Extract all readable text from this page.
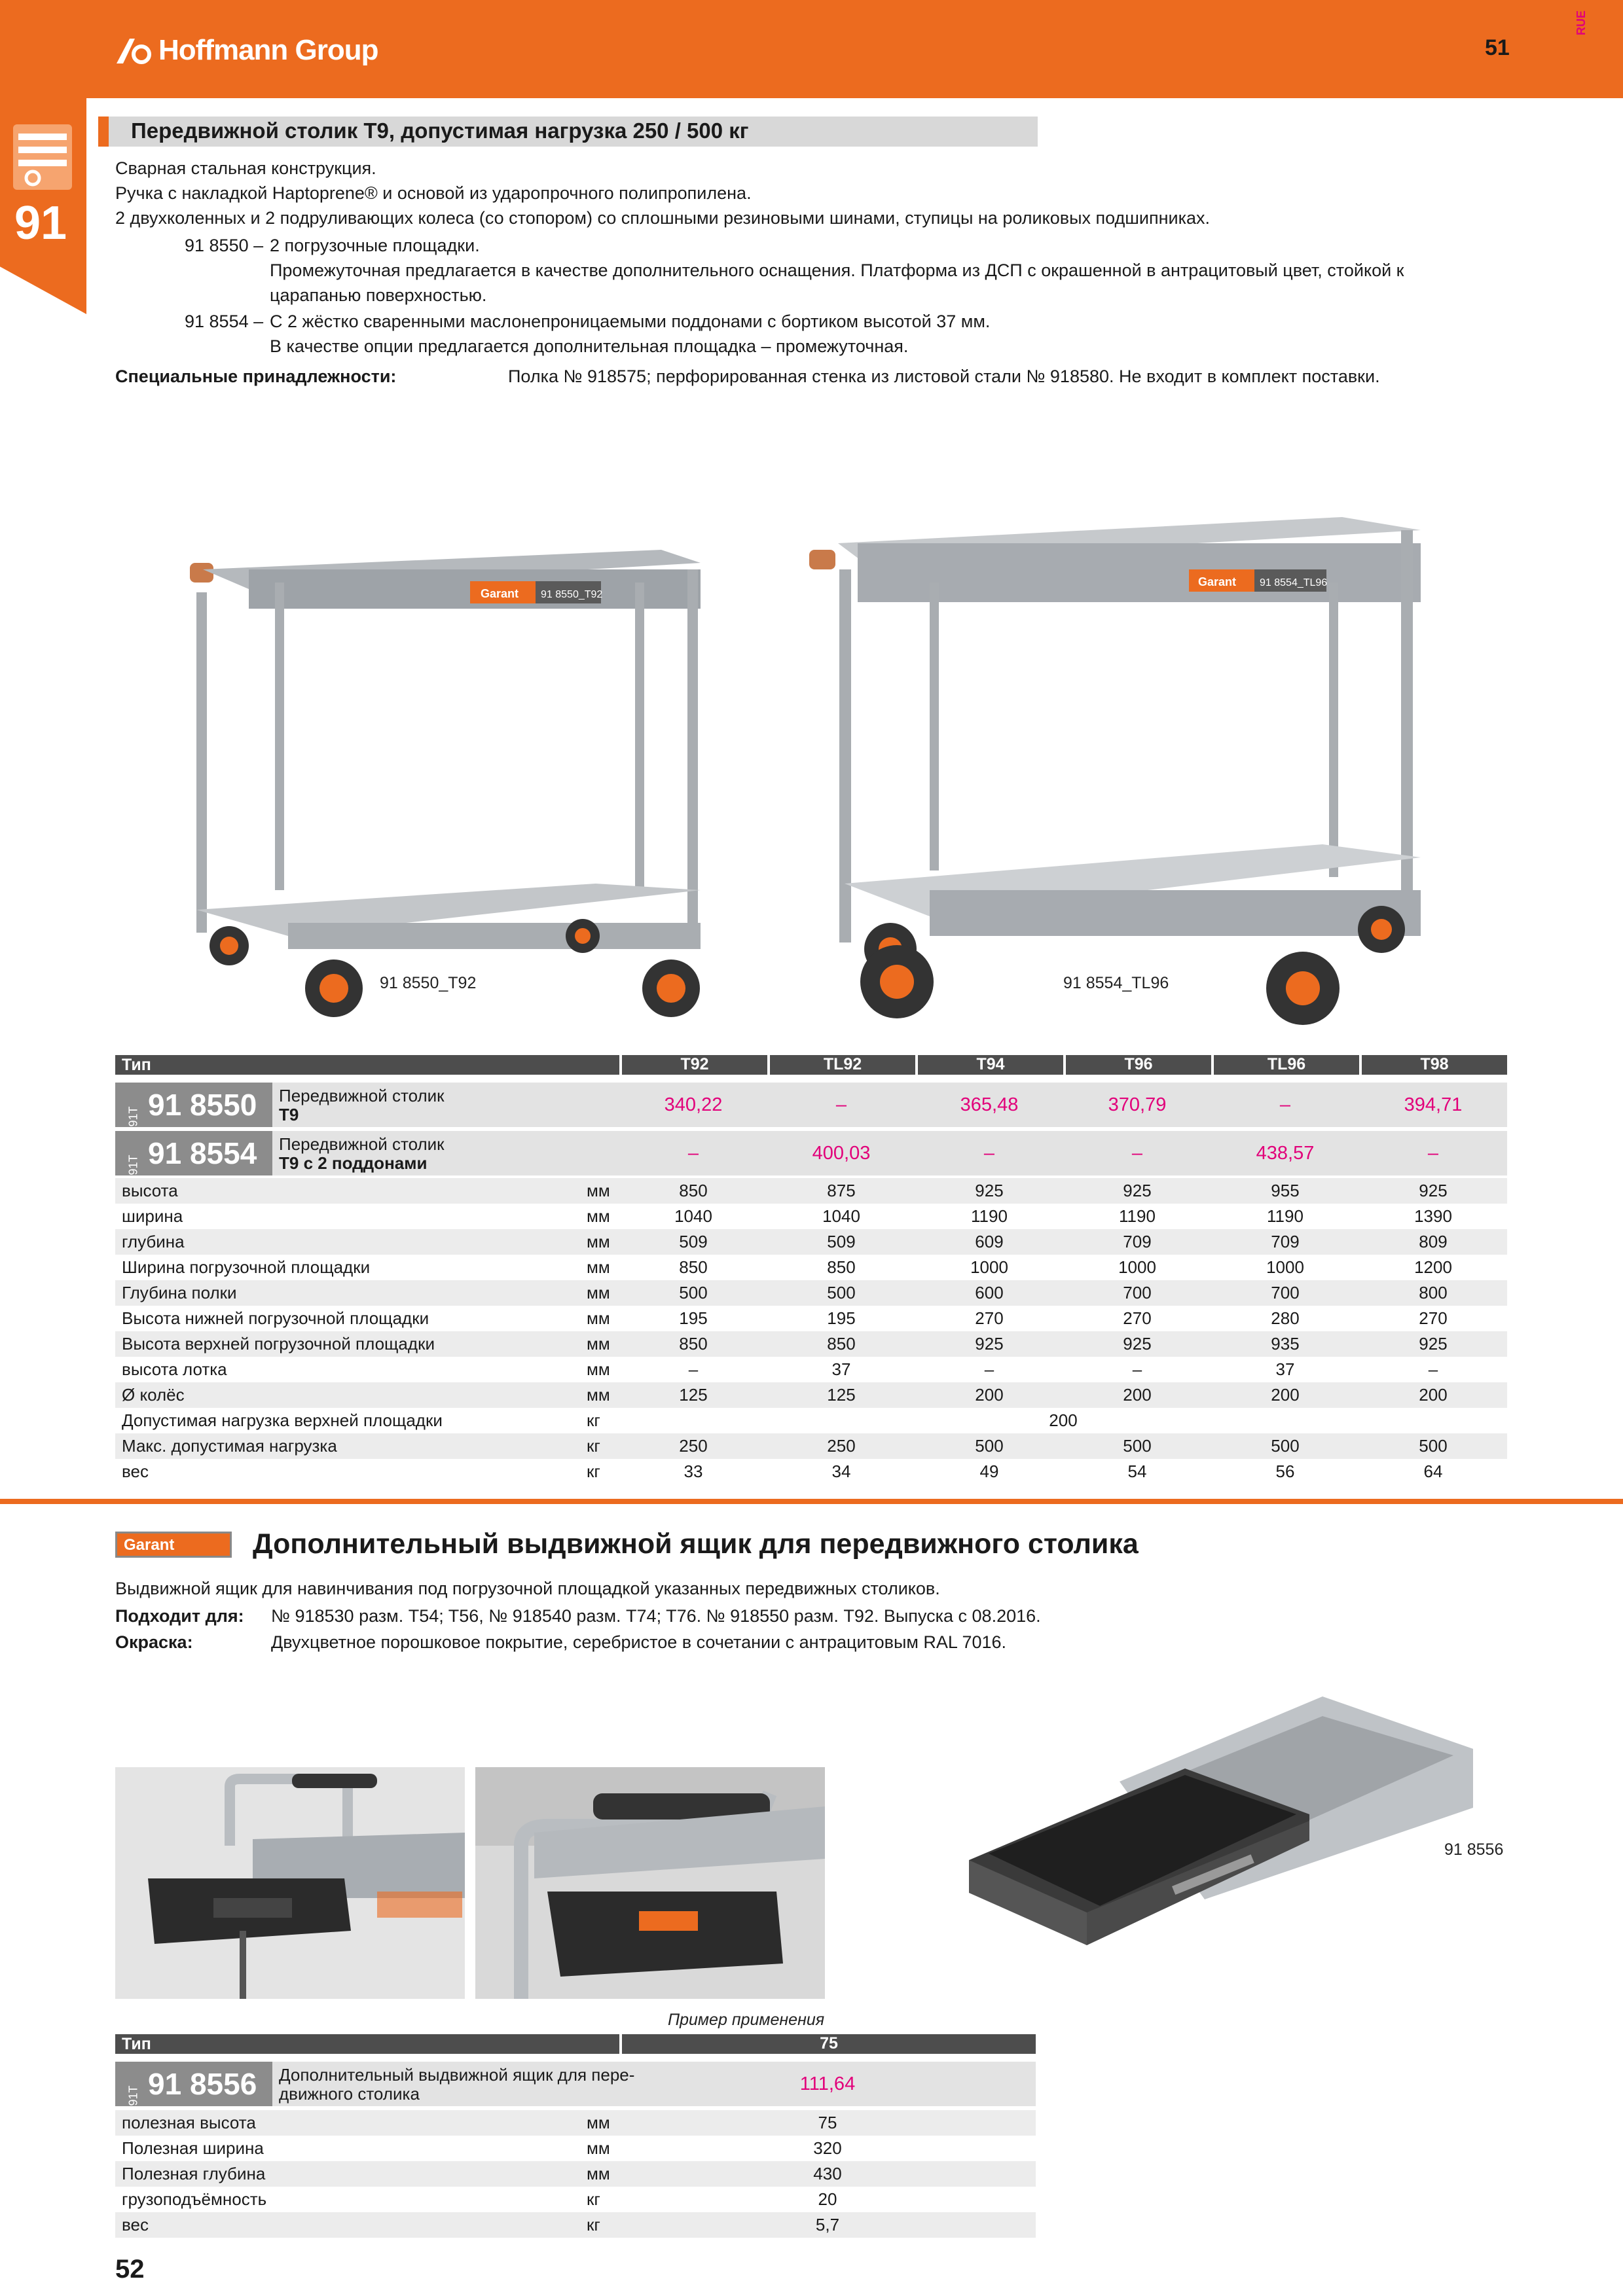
Hoffmann Group	51
RUE
91
Передвижной столик T9, допустимая нагрузка 250 / 500 кг
Сварная стальная конструкция.
Ручка с накладкой Haptoprene® и основой из ударопрочного полипропилена.
2 двухколенных и 2 подруливающих колеса (со стопором) со сплошными резиновыми шинами, ступицы на роликовых подшипниках.
91 8550 – 2 погрузочные площадки.
Промежуточная предлагается в качестве дополнительного оснащения. Платформа из ДСП с окрашенной в антрацитовый цвет, стойкой к
царапанью поверхностью.
91 8554 – С 2 жёстко сваренными маслонепроницаемыми поддонами с бортиком высотой 37 мм.
В качестве опции предлагается дополнительная площадка – промежуточная.
Специальные принадлежности:	Полка № 918575; перфорированная стенка из листовой стали № 918580. Не входит в комплект поставки.
Garant 91 8550_T92
91 8550_T92
Garant 91 8554_TL96
91 8554_TL96
Тип	T92	TL92	T94	T96	TL96	T98
91T 91 8550	Передвижной столик
T9	340,22	–	365,48	370,79	–	394,71
91T 91 8554	Передвижной столик
T9 с 2 поддонами	–	400,03	–	–	438,57	–
высота	мм	850	875	925	925	955	925
ширина	мм	1040	1040	1190	1190	1190	1390
глубина	мм	509	509	609	709	709	809
Ширина погрузочной площадки	мм	850	850	1000	1000	1000	1200
Глубина полки	мм	500	500	600	700	700	800
Высота нижней погрузочной площадки	мм	195	195	270	270	280	270
Высота верхней погрузочной площадки	мм	850	850	925	925	935	925
высота лотка	мм	–	37	–	–	37	–
Ø колёс	мм	125	125	200	200	200	200
Допустимая нагрузка верхней площадки	кг	200
Макс. допустимая нагрузка	кг	250	250	500	500	500	500
вес	кг	33	34	49	54	56	64
Garant	Дополнительный выдвижной ящик для передвижного столика
Выдвижной ящик для навинчивания под погрузочной площадкой указанных передвижных столиков.
Подходит для: № 918530 разм. T54; T56, № 918540 разм. T74; T76. № 918550 разм. T92. Выпуска с 08.2016.
Окраска:	Двухцветное порошковое покрытие, серебристое в сочетании с антрацитовым RAL 7016.
Пример применения
91 8556
Тип	75
91T 91 8556	Дополнительный выдвижной ящик для пере-
движного столика	111,64
полезная высота	мм	75
Полезная ширина	мм	320
Полезная глубина	мм	430
грузоподъёмность	кг	20
вес	кг	5,7
52
